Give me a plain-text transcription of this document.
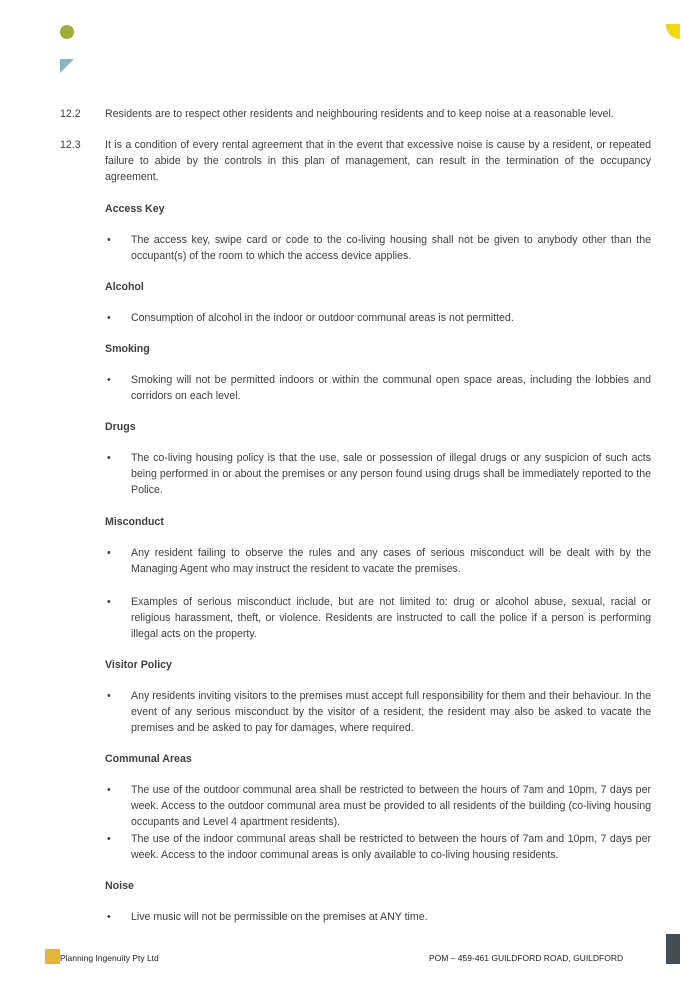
12.2 Residents are to respect other residents and neighbouring residents and to keep noise at a reasonable level.
12.3 It is a condition of every rental agreement that in the event that excessive noise is cause by a resident, or repeated failure to abide by the controls in this plan of management, can result in the termination of the occupancy agreement.
Access Key
• The access key, swipe card or code to the co-living housing shall not be given to anybody other than the occupant(s) of the room to which the access device applies.
Alcohol
• Consumption of alcohol in the indoor or outdoor communal areas is not permitted.
Smoking
• Smoking will not be permitted indoors or within the communal open space areas, including the lobbies and corridors on each level.
Drugs
• The co-living housing policy is that the use, sale or possession of illegal drugs or any suspicion of such acts being performed in or about the premises or any person found using drugs shall be immediately reported to the Police.
Misconduct
• Any resident failing to observe the rules and any cases of serious misconduct will be dealt with by the Managing Agent who may instruct the resident to vacate the premises.
• Examples of serious misconduct include, but are not limited to: drug or alcohol abuse, sexual, racial or religious harassment, theft, or violence. Residents are instructed to call the police if a person is performing illegal acts on the property.
Visitor Policy
• Any residents inviting visitors to the premises must accept full responsibility for them and their behaviour. In the event of any serious misconduct by the visitor of a resident, the resident may also be asked to vacate the premises and be asked to pay for damages, where required.
Communal Areas
• The use of the outdoor communal area shall be restricted to between the hours of 7am and 10pm, 7 days per week. Access to the outdoor communal area must be provided to all residents of the building (co-living housing occupants and Level 4 apartment residents).
• The use of the indoor communal areas shall be restricted to between the hours of 7am and 10pm, 7 days per week. Access to the indoor communal areas is only available to co-living housing residents.
Noise
• Live music will not be permissible on the premises at ANY time.
Planning Ingenuity Pty Ltd	POM – 459-461 GUILDFORD ROAD, GUILDFORD
